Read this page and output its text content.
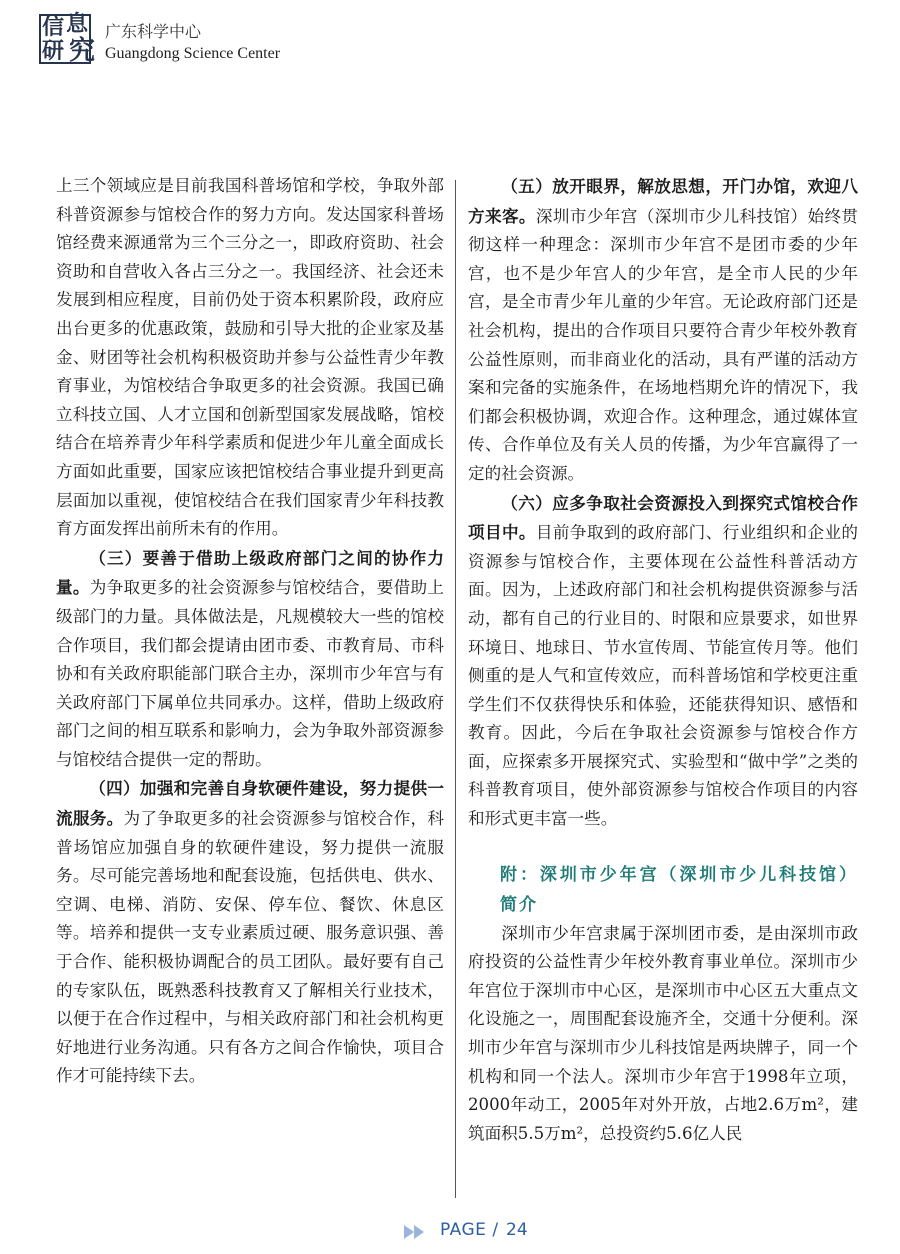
信 息
研 究
广东科学中心
Guangdong Science Center

上三个领域应是目前我国科普场馆和学校，争取外部科普资源参与馆校合作的努力方向。发达国家科普场馆经费来源通常为三个三分之一，即政府资助、社会资助和自营收入各占三分之一。我国经济、社会还未发展到相应程度，目前仍处于资本积累阶段，政府应出台更多的优惠政策，鼓励和引导大批的企业家及基金、财团等社会机构积极资助并参与公益性青少年教育事业，为馆校结合争取更多的社会资源。我国已确立科技立国、人才立国和创新型国家发展战略，馆校结合在培养青少年科学素质和促进少年儿童全面成长方面如此重要，国家应该把馆校结合事业提升到更高层面加以重视，使馆校结合在我们国家青少年科技教育方面发挥出前所未有的作用。

（三）要善于借助上级政府部门之间的协作力量。为争取更多的社会资源参与馆校结合，要借助上级部门的力量。具体做法是，凡规模较大一些的馆校合作项目，我们都会提请由团市委、市教育局、市科协和有关政府职能部门联合主办，深圳市少年宫与有关政府部门下属单位共同承办。这样，借助上级政府部门之间的相互联系和影响力，会为争取外部资源参与馆校结合提供一定的帮助。

（四）加强和完善自身软硬件建设，努力提供一流服务。为了争取更多的社会资源参与馆校合作，科普场馆应加强自身的软硬件建设，努力提供一流服务。尽可能完善场地和配套设施，包括供电、供水、空调、电梯、消防、安保、停车位、餐饮、休息区等。培养和提供一支专业素质过硬、服务意识强、善于合作、能积极协调配合的员工团队。最好要有自己的专家队伍，既熟悉科技教育又了解相关行业技术，以便于在合作过程中，与相关政府部门和社会机构更好地进行业务沟通。只有各方之间合作愉快，项目合作才可能持续下去。

（五）放开眼界，解放思想，开门办馆，欢迎八方来客。深圳市少年宫（深圳市少儿科技馆）始终贯彻这样一种理念：深圳市少年宫不是团市委的少年宫，也不是少年宫人的少年宫，是全市人民的少年宫，是全市青少年儿童的少年宫。无论政府部门还是社会机构，提出的合作项目只要符合青少年校外教育公益性原则，而非商业化的活动，具有严谨的活动方案和完备的实施条件，在场地档期允许的情况下，我们都会积极协调，欢迎合作。这种理念，通过媒体宣传、合作单位及有关人员的传播，为少年宫赢得了一定的社会资源。

（六）应多争取社会资源投入到探究式馆校合作项目中。目前争取到的政府部门、行业组织和企业的资源参与馆校合作，主要体现在公益性科普活动方面。因为，上述政府部门和社会机构提供资源参与活动，都有自己的行业目的、时限和应景要求，如世界环境日、地球日、节水宣传周、节能宣传月等。他们侧重的是人气和宣传效应，而科普场馆和学校更注重学生们不仅获得快乐和体验，还能获得知识、感悟和教育。因此，今后在争取社会资源参与馆校合作方面，应探索多开展探究式、实验型和“做中学”之类的科普教育项目，使外部资源参与馆校合作项目的内容和形式更丰富一些。

附：深圳市少年宫（深圳市少儿科技馆）简介

深圳市少年宫隶属于深圳团市委，是由深圳市政府投资的公益性青少年校外教育事业单位。深圳市少年宫位于深圳市中心区，是深圳市中心区五大重点文化设施之一，周围配套设施齐全，交通十分便利。深圳市少年宫与深圳市少儿科技馆是两块牌子，同一个机构和同一个法人。深圳市少年宫于1998年立项，2000年动工，2005年对外开放，占地2.6万m²，建筑面积5.5万m²，总投资约5.6亿人民

PAGE / 24
